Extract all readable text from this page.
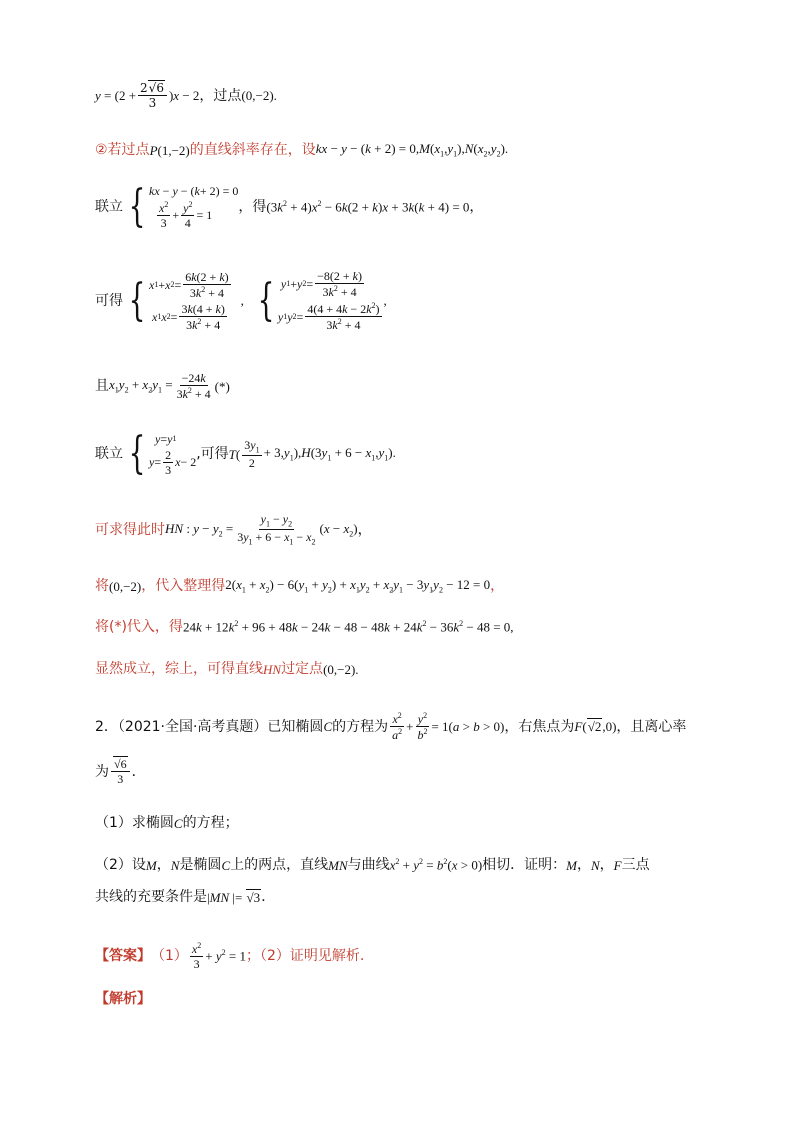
$y = (2 + \frac{2√6}{3} )x - 2$ ，过点 (0,−2).
②若过点 P(1,−2) 的直线斜率存在，设 kx − $y - (k + 2) = 0,M(x_1,y_1),N(x_2,y_2)$.
联立 { kx − y − ( k + 2) = 0

$\frac{x^2}{3} + \frac{y^2}{4} = 1$	，得 $(3k^2 + 4)x^2 - 6k(2 + k)x + 3k(k + 4) = 0$ ，
可得 { x 1 + x $2 = \frac{6k(2 + k)}{3k^2 + 4}$

x 1 x $2 = \frac{3k(4 + k)}{3k^2 + 4}$
, {
y 1 + y $2 = \frac{-8(2 + k)}{3k^2 + 4}$
y 1 y $2 = \frac{4(4 + 4k - 2k^2)}{3k^2 + 4}$
,
且 $x_1y_2 + x_2y_1 = \frac{-24k}{3k^2 + 4}$ (*)
联立 {
y = y 1
$y = \frac{2}{3}$ x − 2 ,可得 $T( \frac{3y_1}{2} + 3,y_1),H(3y_1 + 6 - x_1,y_1)$.
可求得此时 HN : $y - y_2 = \frac{y_1 - y_2}{3y_1 + 6 - x_1 - x_2} (x - x_2)$ ，
将 (0,−2) ，代入整理得 $2(x_1 + x_2) - 6(y_1 + y_2) + x_1y_2 + x_2y_1 - 3y_1y_2 - 12 = 0$ ，
将(*)代入，得 $24k + 12k^2 + 96 + 48k - 24k - 48 - 48k + 24k^2 - 36k^2 - 48 = 0$,
显然成立，综上，可得直线 HN 过定点 (0,−2).
2．（2021·全国·高考真题）已知椭圆 C 的方程为 $\frac{x^2}{a^2} + \frac{y^2}{b^2} = 1(a > b > 0)$ ，右焦点为 F(√2,0) ，且离心率
为 $\frac{√6}{3}$ ．
（1）求椭圆 C 的方程；
（2）设 M ， N 是椭圆 C 上的两点，直线 MN 与曲线 $x^2 + y^2 = b^2(x > 0)$ 相切．证明： M ， N ， F 三点
共线的充要条件是 |MN |= √3 ．
【答案】 $(1) \frac{x^2}{3} + y^2 = 1$ ；（2）证明见解析.
【解析】
